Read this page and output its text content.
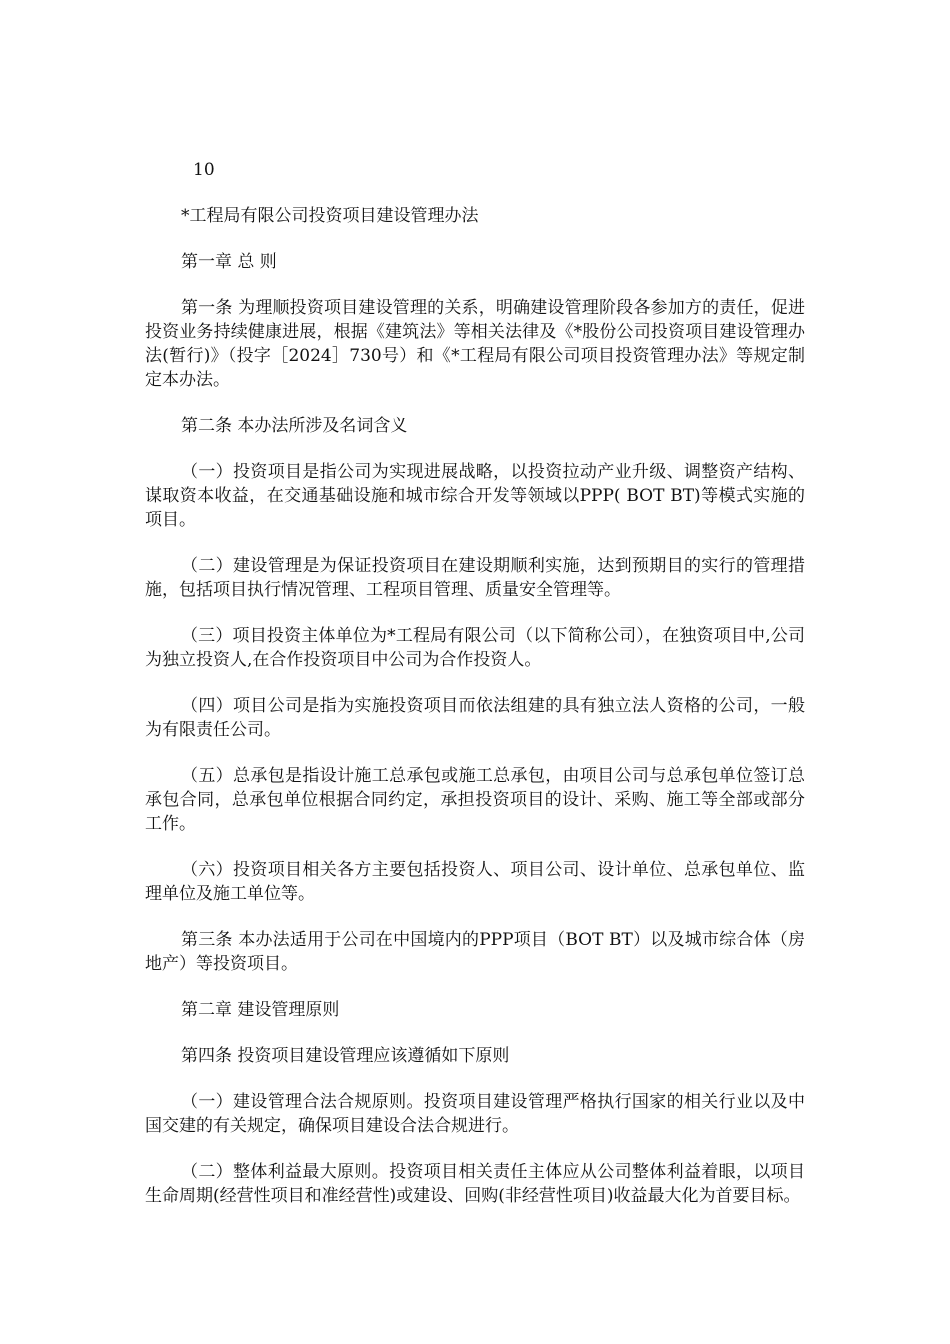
10

*工程局有限公司投资项目建设管理办法

第一章 总 则

第一条 为理顺投资项目建设管理的关系，明确建设管理阶段各参加方的责任，促进投资业务持续健康进展，根据《建筑法》等相关法律及《*股份公司投资项目建设管理办法(暂行)》（投字［2024］730号）和《*工程局有限公司项目投资管理办法》等规定制定本办法。

第二条 本办法所涉及名词含义

（一）投资项目是指公司为实现进展战略，以投资拉动产业升级、调整资产结构、谋取资本收益，在交通基础设施和城市综合开发等领域以PPP( BOT BT)等模式实施的项目。

（二）建设管理是为保证投资项目在建设期顺利实施，达到预期目的实行的管理措施，包括项目执行情况管理、工程项目管理、质量安全管理等。

（三）项目投资主体单位为*工程局有限公司（以下简称公司），在独资项目中,公司为独立投资人,在合作投资项目中公司为合作投资人。

（四）项目公司是指为实施投资项目而依法组建的具有独立法人资格的公司，一般为有限责任公司。

（五）总承包是指设计施工总承包或施工总承包，由项目公司与总承包单位签订总承包合同，总承包单位根据合同约定，承担投资项目的设计、采购、施工等全部或部分工作。

（六）投资项目相关各方主要包括投资人、项目公司、设计单位、总承包单位、监理单位及施工单位等。

第三条 本办法适用于公司在中国境内的PPP项目（BOT BT）以及城市综合体（房地产）等投资项目。

第二章 建设管理原则

第四条 投资项目建设管理应该遵循如下原则

（一）建设管理合法合规原则。投资项目建设管理严格执行国家的相关行业以及中国交建的有关规定，确保项目建设合法合规进行。

（二）整体利益最大原则。投资项目相关责任主体应从公司整体利益着眼，以项目生命周期(经营性项目和准经营性)或建设、回购(非经营性项目)收益最大化为首要目标。
